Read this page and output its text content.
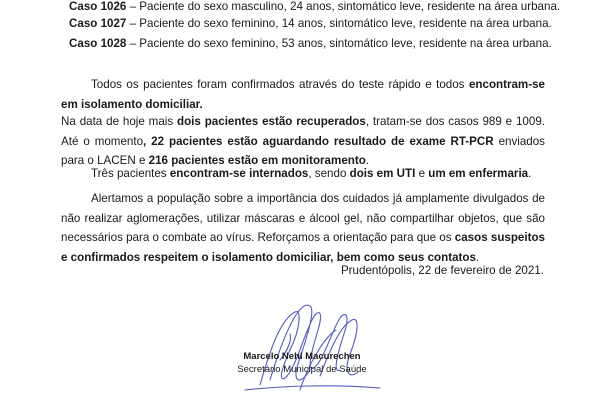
Caso 1026 – Paciente do sexo masculino, 24 anos, sintomático leve, residente na área urbana.
Caso 1027 – Paciente do sexo feminino, 14 anos, sintomático leve, residente na área urbana.
Caso 1028 – Paciente do sexo feminino, 53 anos, sintomático leve, residente na área urbana.
Todos os pacientes foram confirmados através do teste rápido e todos encontram-se em isolamento domiciliar.
Na data de hoje mais dois pacientes estão recuperados, tratam-se dos casos 989 e 1009. Até o momento, 22 pacientes estão aguardando resultado de exame RT-PCR enviados para o LACEN e 216 pacientes estão em monitoramento.
Três pacientes encontram-se internados, sendo dois em UTI e um em enfermaria.
Alertamos a população sobre a importância dos cuidados já amplamente divulgados de não realizar aglomerações, utilizar máscaras e álcool gel, não compartilhar objetos, que são necessários para o combate ao vírus. Reforçamos a orientação para que os casos suspeitos e confirmados respeitem o isolamento domiciliar, bem como seus contatos.
Prudentópolis, 22 de fevereiro de 2021.
Marcelo Nehl Macurechen
Secretário Municipal de Saúde
